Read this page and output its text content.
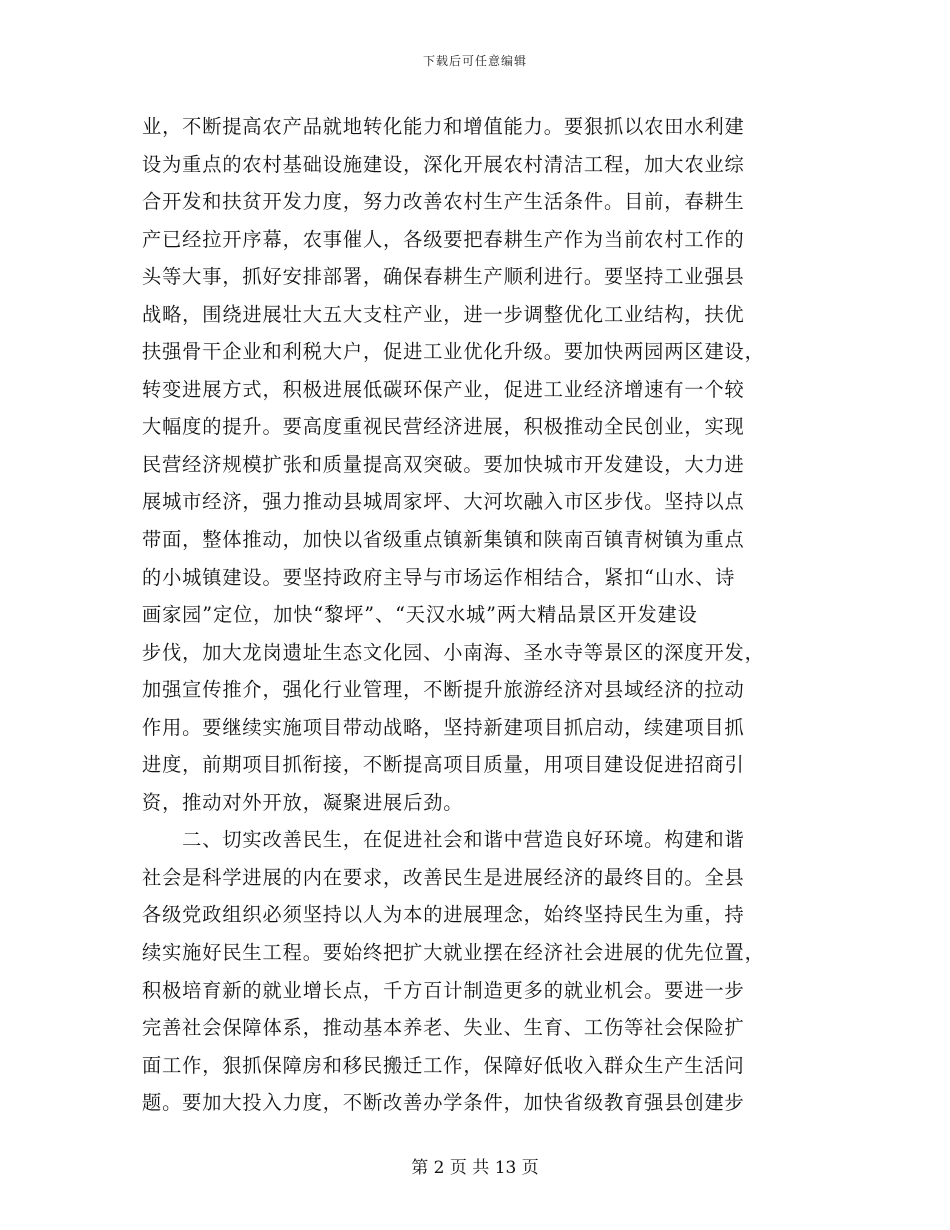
下载后可任意编辑
业，不断提高农产品就地转化能力和增值能力。要狠抓以农田水利建
设为重点的农村基础设施建设，深化开展农村清洁工程，加大农业综
合开发和扶贫开发力度，努力改善农村生产生活条件。目前，春耕生
产已经拉开序幕，农事催人，各级要把春耕生产作为当前农村工作的
头等大事，抓好安排部署，确保春耕生产顺利进行。要坚持工业强县
战略，围绕进展壮大五大支柱产业，进一步调整优化工业结构，扶优
扶强骨干企业和利税大户，促进工业优化升级。要加快两园两区建设，
转变进展方式，积极进展低碳环保产业，促进工业经济增速有一个较
大幅度的提升。要高度重视民营经济进展，积极推动全民创业，实现
民营经济规模扩张和质量提高双突破。要加快城市开发建设，大力进
展城市经济，强力推动县城周家坪、大河坎融入市区步伐。坚持以点
带面，整体推动，加快以省级重点镇新集镇和陕南百镇青树镇为重点
的小城镇建设。要坚持政府主导与市场运作相结合，紧扣“山水、诗
画家园”定位，加快“黎坪”、“天汉水城”两大精品景区开发建设
步伐，加大龙岗遗址生态文化园、小南海、圣水寺等景区的深度开发，
加强宣传推介，强化行业管理，不断提升旅游经济对县域经济的拉动
作用。要继续实施项目带动战略，坚持新建项目抓启动，续建项目抓
进度，前期项目抓衔接，不断提高项目质量，用项目建设促进招商引
资，推动对外开放，凝聚进展后劲。
　　二、切实改善民生，在促进社会和谐中营造良好环境。构建和谐
社会是科学进展的内在要求，改善民生是进展经济的最终目的。全县
各级党政组织必须坚持以人为本的进展理念，始终坚持民生为重，持
续实施好民生工程。要始终把扩大就业摆在经济社会进展的优先位置，
积极培育新的就业增长点，千方百计制造更多的就业机会。要进一步
完善社会保障体系，推动基本养老、失业、生育、工伤等社会保险扩
面工作，狠抓保障房和移民搬迁工作，保障好低收入群众生产生活问
题。要加大投入力度，不断改善办学条件，加快省级教育强县创建步
第 2 页 共 13 页
